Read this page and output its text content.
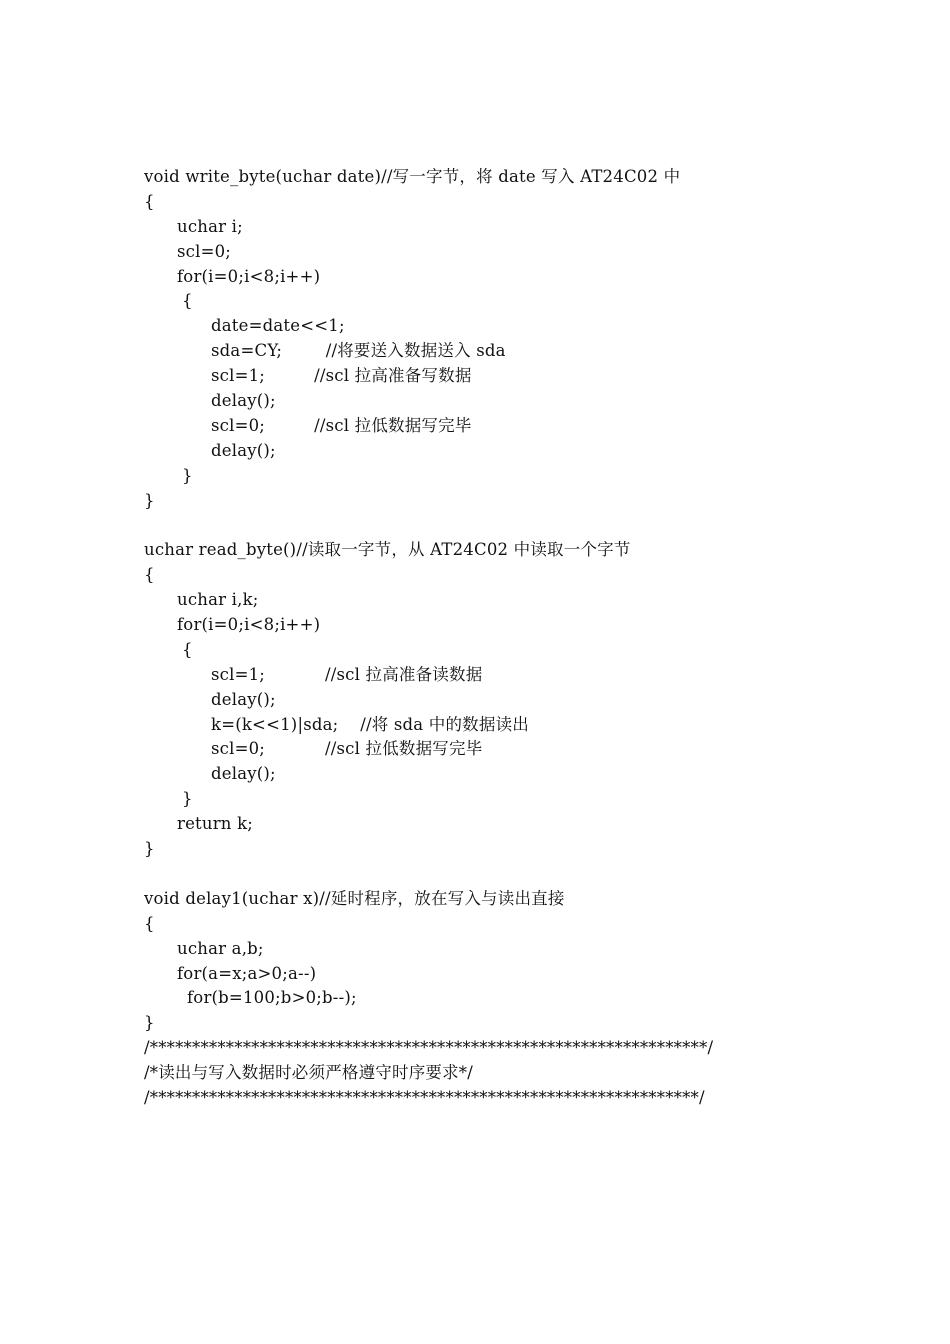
void write_byte(uchar date)//写一字节，将 date 写入 AT24C02 中
{
uchar i;
scl=0;
for(i=0;i<8;i++)
{
date=date<<1;
sda=CY;        //将要送入数据送入 sda
scl=1;         //scl 拉高准备写数据
delay();
scl=0;         //scl 拉低数据写完毕
delay();
}
}
uchar read_byte()//读取一字节，从 AT24C02 中读取一个字节
{
uchar i,k;
for(i=0;i<8;i++)
{
scl=1;           //scl 拉高准备读数据
delay();
k=(k<<1)|sda;    //将 sda 中的数据读出
scl=0;           //scl 拉低数据写完毕
delay();
}
return k;
}
void delay1(uchar x)//延时程序，放在写入与读出直接
{
uchar a,b;
for(a=x;a>0;a--)
for(b=100;b>0;b--);
}
/******************************************************************/
/*读出与写入数据时必须严格遵守时序要求*/
/*****************************************************************/
